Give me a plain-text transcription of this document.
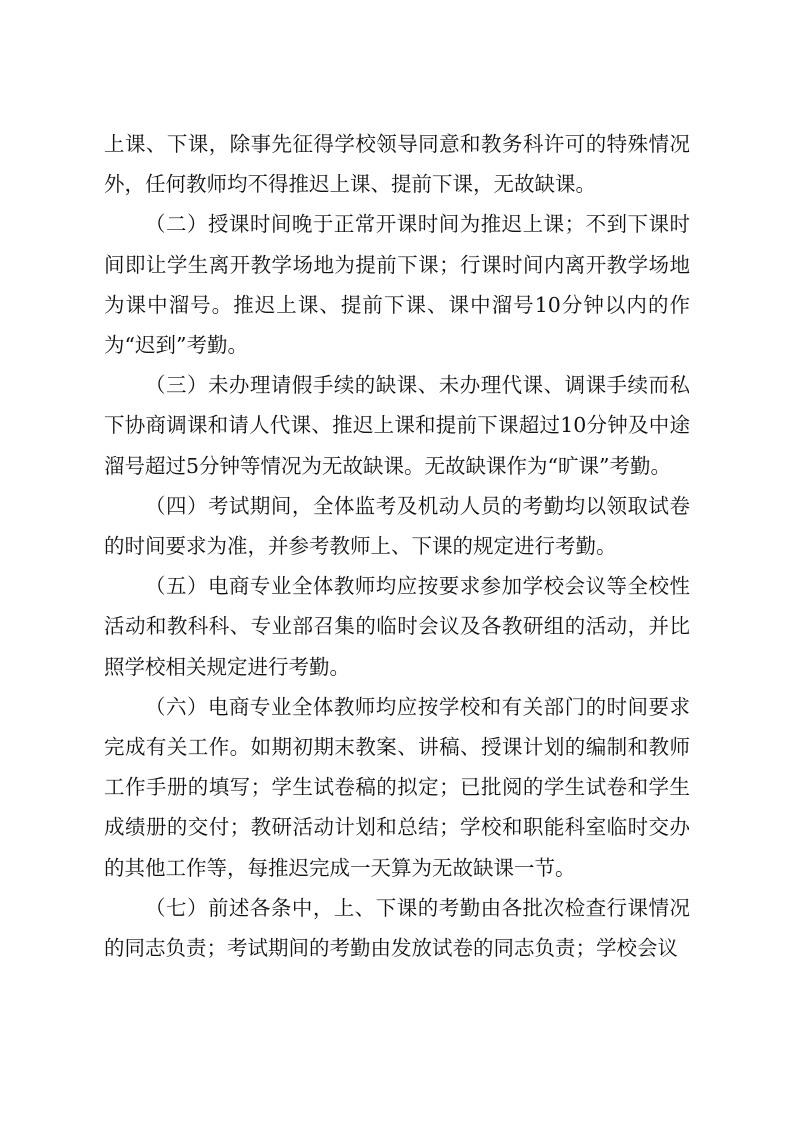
上课、下课，除事先征得学校领导同意和教务科许可的特殊情况外，任何教师均不得推迟上课、提前下课，无故缺课。

（二）授课时间晚于正常开课时间为推迟上课；不到下课时间即让学生离开教学场地为提前下课；行课时间内离开教学场地为课中溜号。推迟上课、提前下课、课中溜号10分钟以内的作为“迟到”考勤。

（三）未办理请假手续的缺课、未办理代课、调课手续而私下协商调课和请人代课、推迟上课和提前下课超过10分钟及中途溜号超过5分钟等情况为无故缺课。无故缺课作为“旷课”考勤。

（四）考试期间，全体监考及机动人员的考勤均以领取试卷的时间要求为准，并参考教师上、下课的规定进行考勤。

（五）电商专业全体教师均应按要求参加学校会议等全校性活动和教科科、专业部召集的临时会议及各教研组的活动，并比照学校相关规定进行考勤。

（六）电商专业全体教师均应按学校和有关部门的时间要求完成有关工作。如期初期末教案、讲稿、授课计划的编制和教师工作手册的填写；学生试卷稿的拟定；已批阅的学生试卷和学生成绩册的交付；教研活动计划和总结；学校和职能科室临时交办的其他工作等，每推迟完成一天算为无故缺课一节。

（七）前述各条中，上、下课的考勤由各批次检查行课情况的同志负责；考试期间的考勤由发放试卷的同志负责；学校会议
